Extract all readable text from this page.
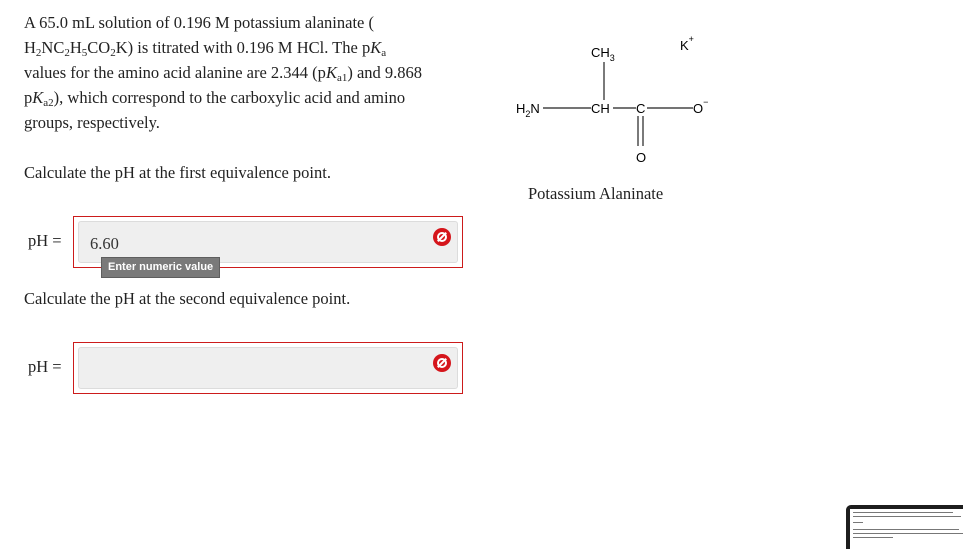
A 65.0 mL solution of 0.196 M potassium alaninate (
$H_2NC_2H_5CO_2K$) is titrated with 0.196 M HCl. The $pK_a$
values for the amino acid alanine are 2.344 $(pK_{a1})$ and 9.868
$pK_{a2}$), which correspond to the carboxylic acid and amino
groups, respectively.
Calculate the pH at the first equivalence point.
pH = 6.60
Enter numeric value
Calculate the pH at the second equivalence point.
pH =
$CH_3$
K+
$H_2N$	CH C	O−
O
Potassium Alaninate
